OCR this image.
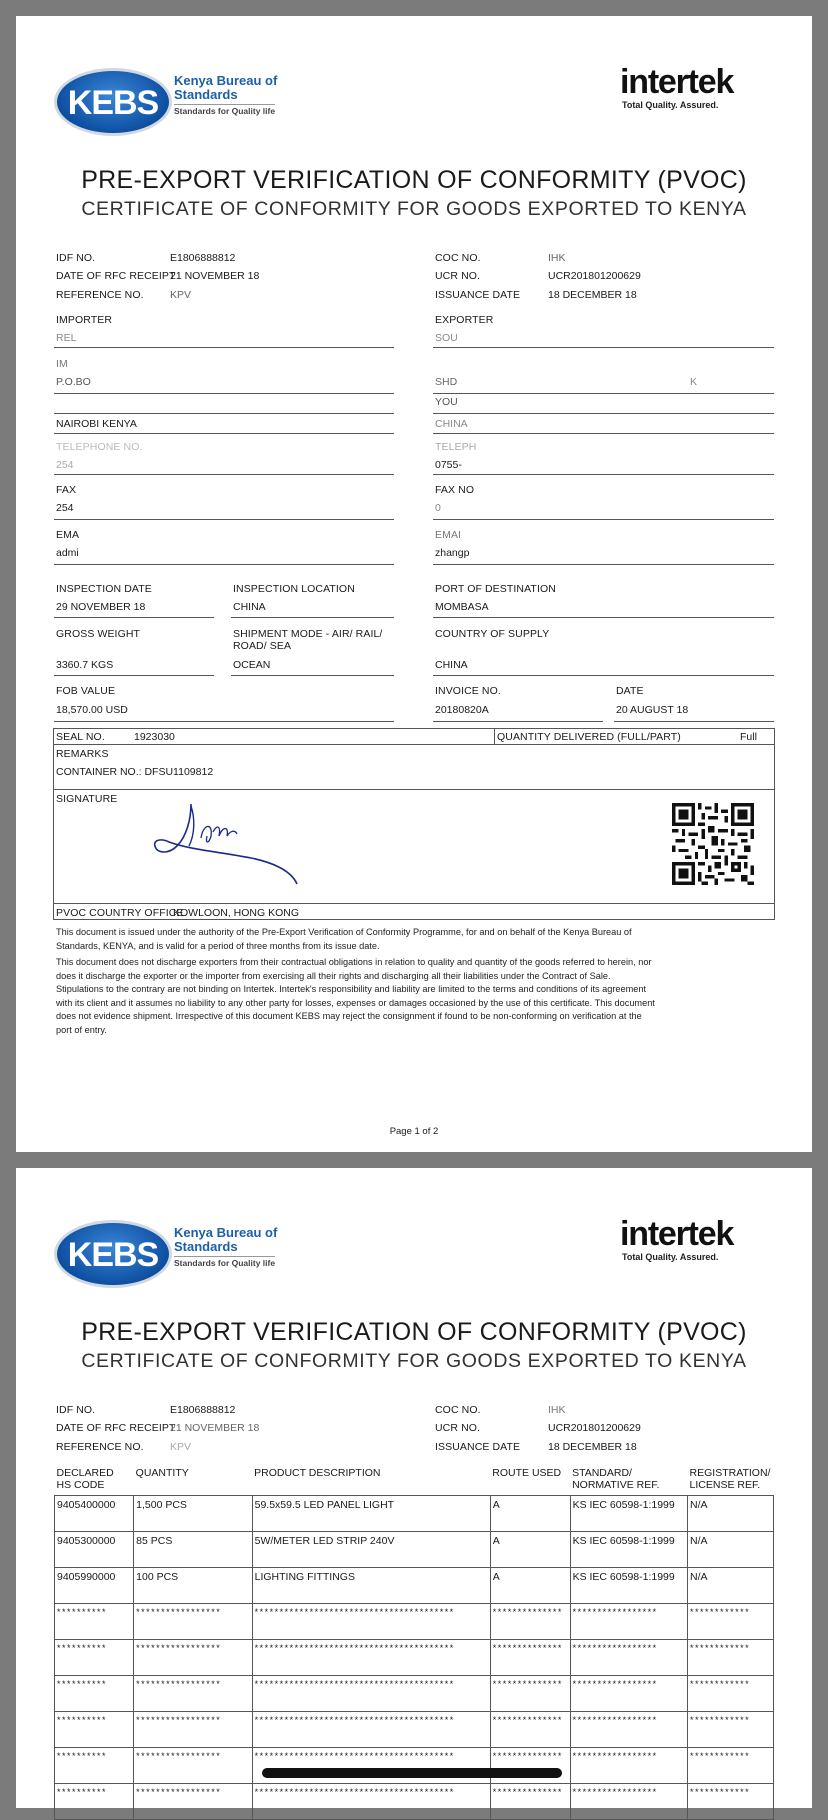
KEBS
Kenya Bureau of
Standards
Standards for Quality life
intertek
Total Quality. Assured.
PRE-EXPORT VERIFICATION OF CONFORMITY (PVOC)
CERTIFICATE OF CONFORMITY FOR GOODS EXPORTED TO KENYA
IDF NO.	E1806888812
DATE OF RFC RECEIPT
21 NOVEMBER 18
REFERENCE NO.	KPV
COC NO.	IHK
UCR NO.	UCR201801200629
ISSUANCE DATE	18 DECEMBER 18
IMPORTER
REL
IM
P.O.BO
NAIROBI KENYA
TELEPHONE NO.
254
FAX
254
EMA
admi
EXPORTER
SOU
SHD	K
YOU
CHINA
TELEPH
0755-
FAX NO
0
EMAI
zhangp
INSPECTION DATE
29 NOVEMBER 18
INSPECTION LOCATION
CHINA
PORT OF DESTINATION
MOMBASA
GROSS WEIGHT
3360.7 KGS
SHIPMENT MODE - AIR/ RAIL/
ROAD/ SEA
OCEAN
COUNTRY OF SUPPLY
CHINA
FOB VALUE
18,570.00 USD
INVOICE NO.
20180820A
DATE
20 AUGUST 18
SEAL NO.	1923030	QUANTITY DELIVERED (FULL/PART)	Full
REMARKS
CONTAINER NO.: DFSU1109812
SIGNATURE
PVOC COUNTRY OFFICE
KOWLOON, HONG KONG
This document is issued under the authority of the Pre-Export Verification of Conformity Programme, for and on behalf of the Kenya Bureau of Standards, KENYA, and is valid for a period of three months from its issue date.
This document does not discharge exporters from their contractual obligations in relation to quality and quantity of the goods referred to herein, nor does it discharge the exporter or the importer from exercising all their rights and discharging all their liabilities under the Contract of Sale. Stipulations to the contrary are not binding on Intertek. Intertek's responsibility and liability are limited to the terms and conditions of its agreement with its client and it assumes no liability to any other party for losses, expenses or damages occasioned by the use of this certificate. This document does not evidence shipment. Irrespective of this document KEBS may reject the consignment if found to be non-conforming on verification at the port of entry.
Page 1 of 2
KEBS
Kenya Bureau of
Standards
Standards for Quality life
intertek
Total Quality. Assured.
PRE-EXPORT VERIFICATION OF CONFORMITY (PVOC)
CERTIFICATE OF CONFORMITY FOR GOODS EXPORTED TO KENYA
IDF NO.	E1806888812
DATE OF RFC RECEIPT
21 NOVEMBER 18
REFERENCE NO.	KPV
COC NO.	IHK
UCR NO.	UCR201801200629
ISSUANCE DATE	18 DECEMBER 18
DECLARED HS CODE	QUANTITY	PRODUCT DESCRIPTION	ROUTE USED	STANDARD/ NORMATIVE REF.	REGISTRATION/ LICENSE REF.
9405400000	1,500 PCS	59.5x59.5 LED PANEL LIGHT	A	KS IEC 60598-1:1999	N/A
9405300000	85 PCS	5W/METER LED STRIP 240V	A	KS IEC 60598-1:1999	N/A
9405990000	100 PCS	LIGHTING FITTINGS	A	KS IEC 60598-1:1999	N/A
**********	*****************	****************************************	**************	*****************	************
**********	*****************	****************************************	**************	*****************	************
**********	*****************	****************************************	**************	*****************	************
**********	*****************	****************************************	**************	*****************	************
**********	*****************	****************************************	**************	*****************	************
**********	*****************	****************************************	**************	*****************	************
